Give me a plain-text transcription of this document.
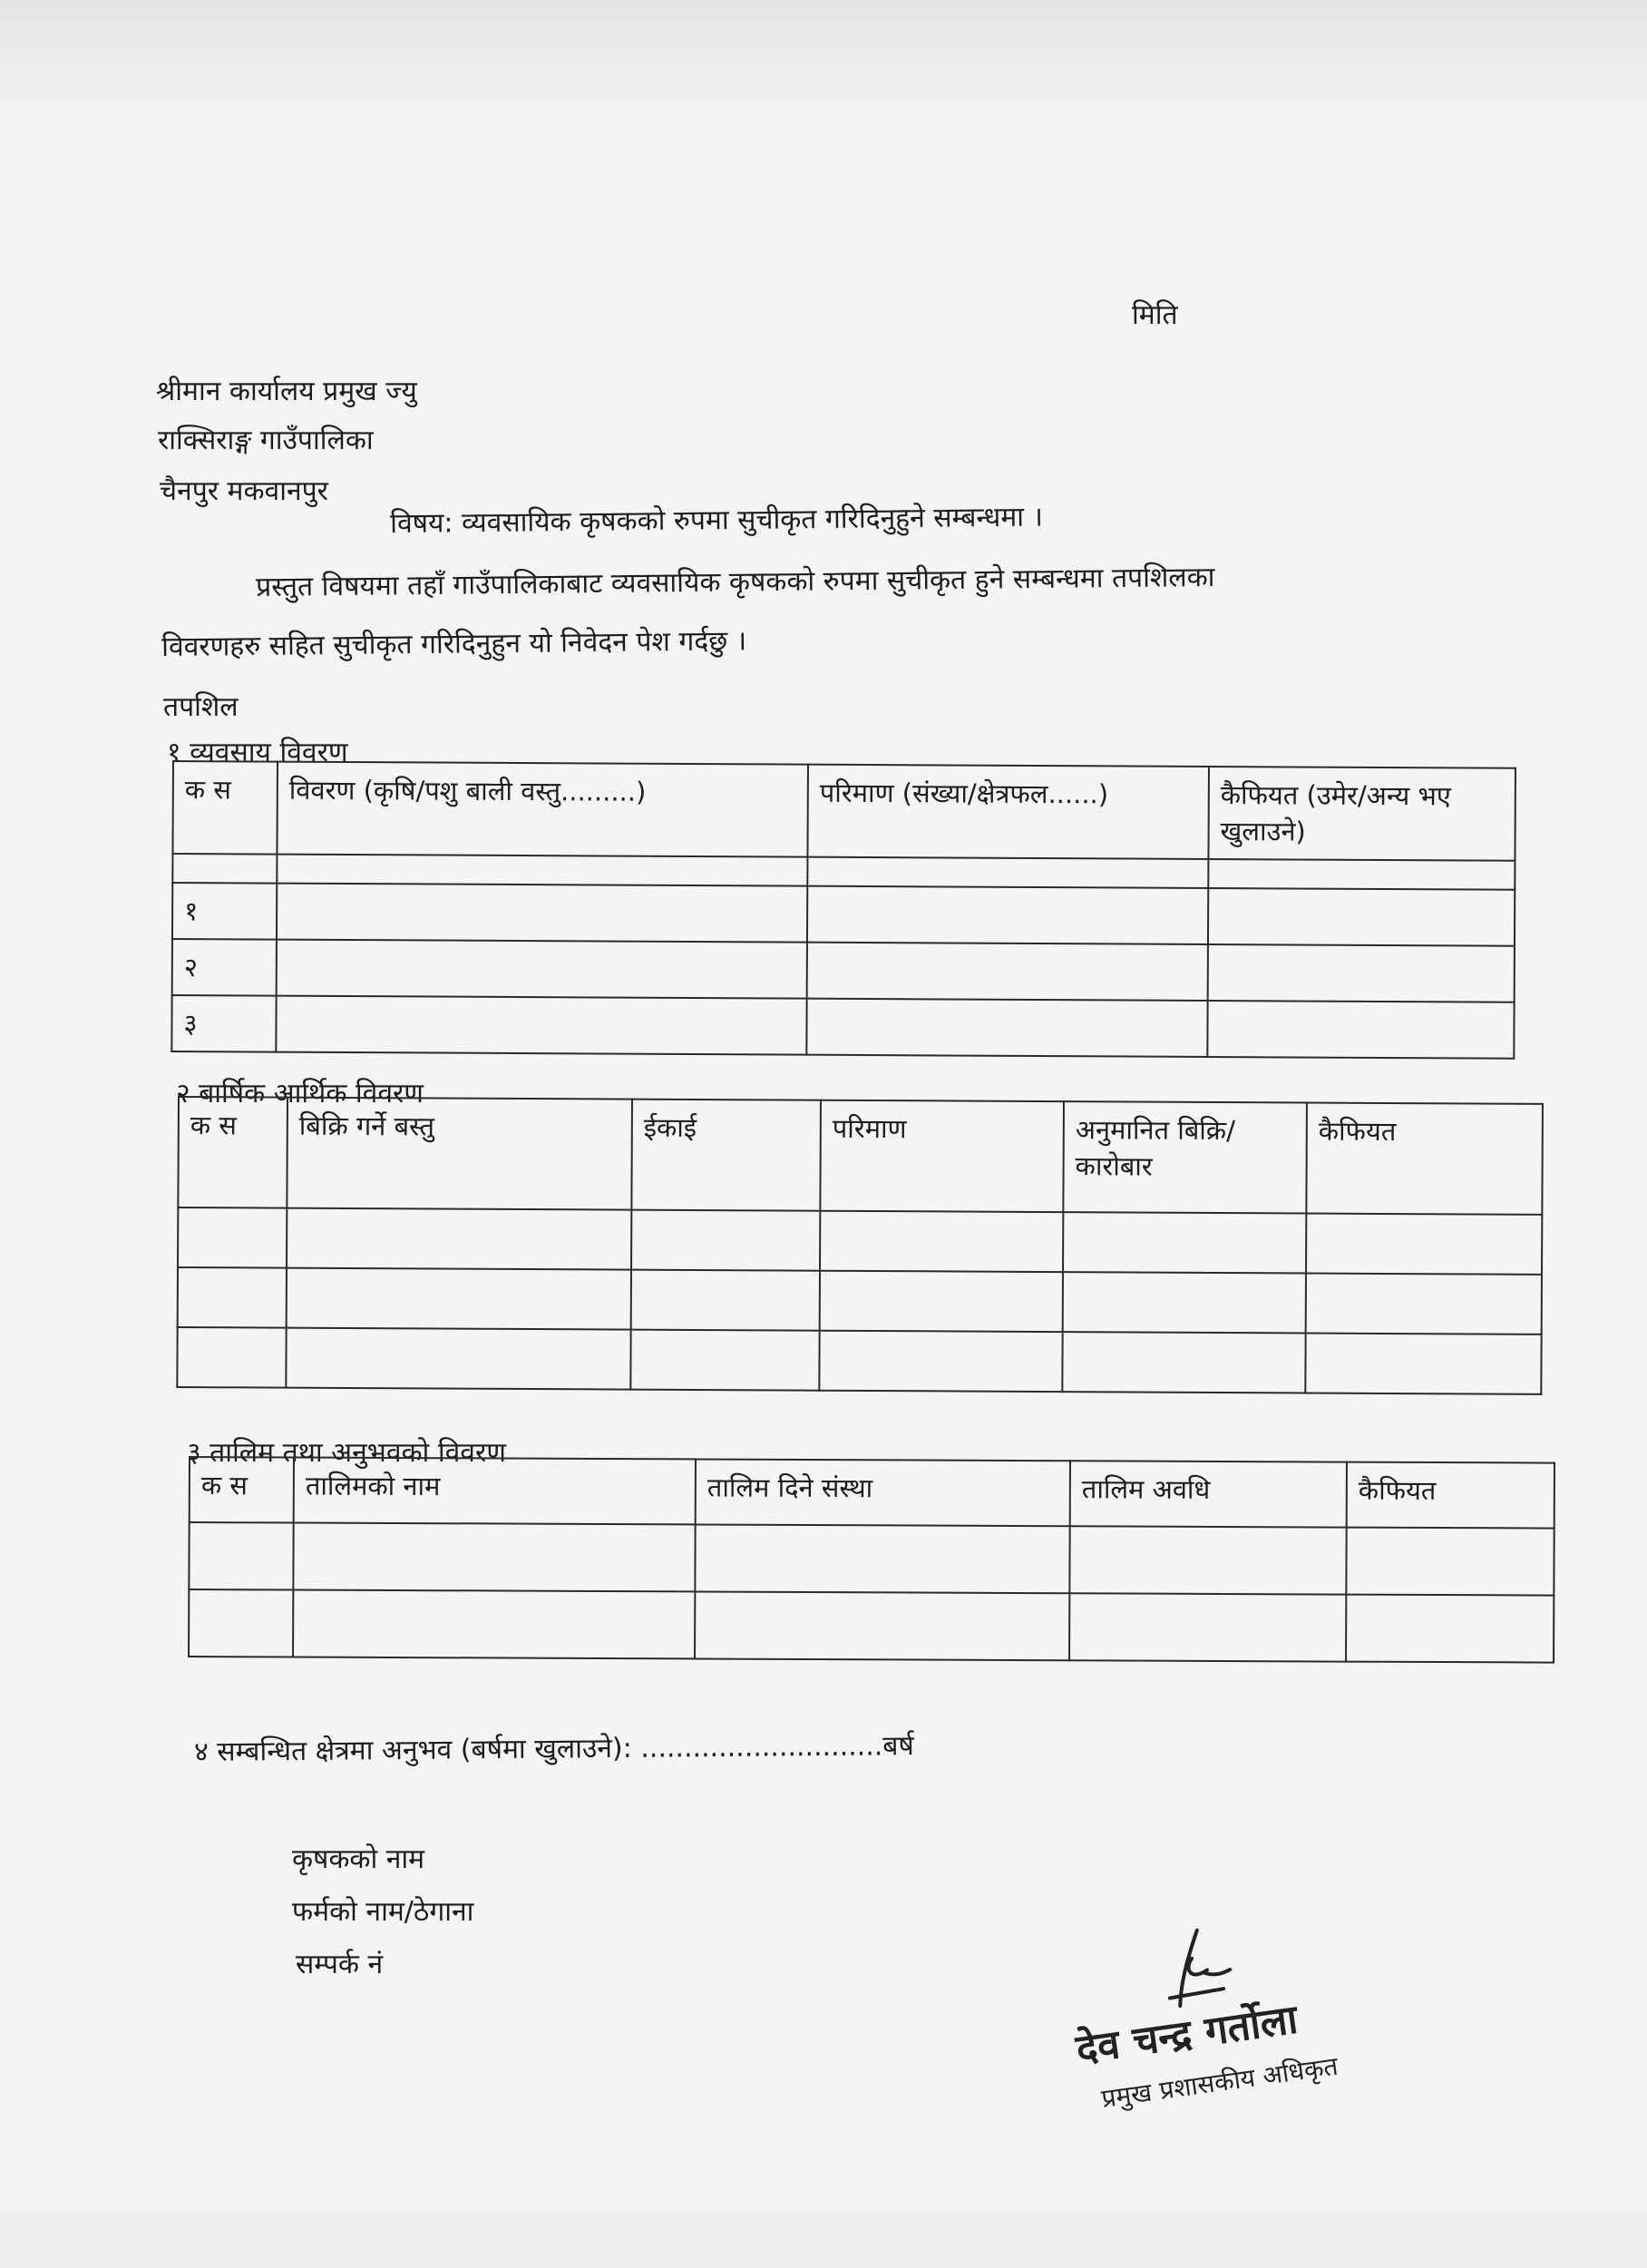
मिति
श्रीमान कार्यालय प्रमुख ज्यु
राक्सिराङ्ग गाउँपालिका
चैनपुर मकवानपुर
विषय: व्यवसायिक कृषकको रुपमा सुचीकृत गरिदिनुहुने सम्बन्धमा ।
प्रस्तुत विषयमा तहाँ गाउँपालिकाबाट व्यवसायिक कृषकको रुपमा सुचीकृत हुने सम्बन्धमा तपशिलका
विवरणहरु सहित सुचीकृत गरिदिनुहुन यो निवेदन पेश गर्दछु ।
तपशिल
१ व्यवसाय विवरण
क स	विवरण (कृषि/पशु बाली वस्तु.........)	परिमाण (संख्या/क्षेत्रफल......)	कैफियत (उमेर/अन्य भए खुलाउने)

१			
२			
३			
२ बार्षिक आर्थिक विवरण
क स	बिक्रि गर्ने बस्तु	ईकाई	परिमाण	अनुमानित बिक्रि/कारोबार	कैफियत

३ तालिम तथा अनुभवको विवरण
क स	तालिमको नाम	तालिम दिने संस्था	तालिम अवधि	कैफियत

४ सम्बन्धित क्षेत्रमा अनुभव (बर्षमा खुलाउने): ............................बर्ष
कृषकको नाम
फर्मको नाम/ठेगाना
सम्पर्क नं
देव चन्द्र गर्तोला
प्रमुख प्रशासकीय अधिकृत
